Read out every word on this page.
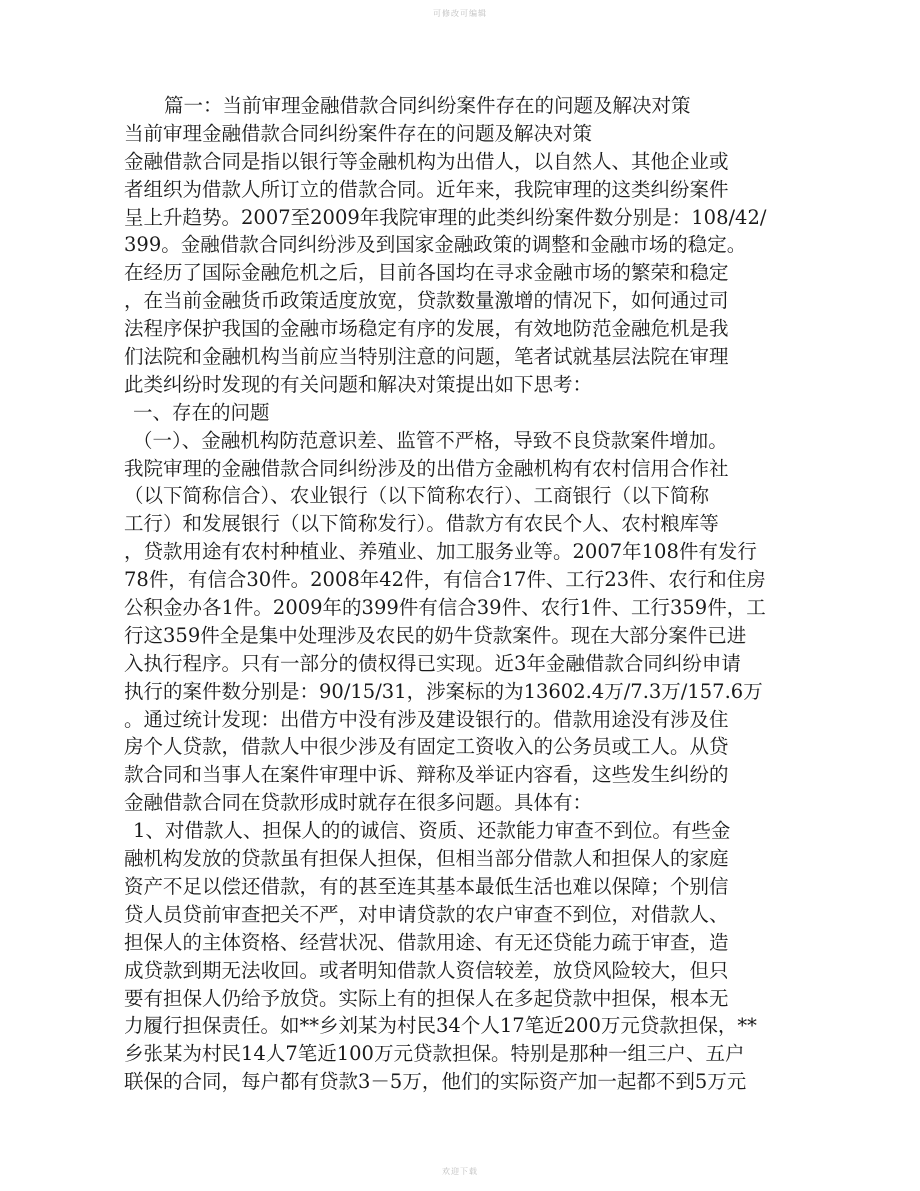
可修改可编辑
篇一：当前审理金融借款合同纠纷案件存在的问题及解决对策
当前审理金融借款合同纠纷案件存在的问题及解决对策
金融借款合同是指以银行等金融机构为出借人，以自然人、其他企业或
者组织为借款人所订立的借款合同。近年来，我院审理的这类纠纷案件
呈上升趋势。2007至2009年我院审理的此类纠纷案件数分别是：108/42/
399。金融借款合同纠纷涉及到国家金融政策的调整和金融市场的稳定。
在经历了国际金融危机之后，目前各国均在寻求金融市场的繁荣和稳定
，在当前金融货币政策适度放宽，贷款数量激增的情况下，如何通过司
法程序保护我国的金融市场稳定有序的发展，有效地防范金融危机是我
们法院和金融机构当前应当特别注意的问题，笔者试就基层法院在审理
此类纠纷时发现的有关问题和解决对策提出如下思考：
一、存在的问题
（一）、金融机构防范意识差、监管不严格，导致不良贷款案件增加。
我院审理的金融借款合同纠纷涉及的出借方金融机构有农村信用合作社
（以下简称信合）、农业银行（以下简称农行）、工商银行（以下简称
工行）和发展银行（以下简称发行）。借款方有农民个人、农村粮库等
，贷款用途有农村种植业、养殖业、加工服务业等。2007年108件有发行
78件，有信合30件。2008年42件，有信合17件、工行23件、农行和住房
公积金办各1件。2009年的399件有信合39件、农行1件、工行359件，工
行这359件全是集中处理涉及农民的奶牛贷款案件。现在大部分案件已进
入执行程序。只有一部分的债权得已实现。近3年金融借款合同纠纷申请
执行的案件数分别是：90/15/31，涉案标的为13602.4万/7.3万/157.6万
。通过统计发现：出借方中没有涉及建设银行的。借款用途没有涉及住
房个人贷款，借款人中很少涉及有固定工资收入的公务员或工人。从贷
款合同和当事人在案件审理中诉、辩称及举证内容看，这些发生纠纷的
金融借款合同在贷款形成时就存在很多问题。具体有：
1、对借款人、担保人的的诚信、资质、还款能力审查不到位。有些金
融机构发放的贷款虽有担保人担保，但相当部分借款人和担保人的家庭
资产不足以偿还借款，有的甚至连其基本最低生活也难以保障；个别信
贷人员贷前审查把关不严，对申请贷款的农户审查不到位，对借款人、
担保人的主体资格、经营状况、借款用途、有无还贷能力疏于审查，造
成贷款到期无法收回。或者明知借款人资信较差，放贷风险较大，但只
要有担保人仍给予放贷。实际上有的担保人在多起贷款中担保，根本无
力履行担保责任。如**乡刘某为村民34个人17笔近200万元贷款担保，**
乡张某为村民14人7笔近100万元贷款担保。特别是那种一组三户、五户
联保的合同，每户都有贷款3－5万，他们的实际资产加一起都不到5万元
欢迎下载
